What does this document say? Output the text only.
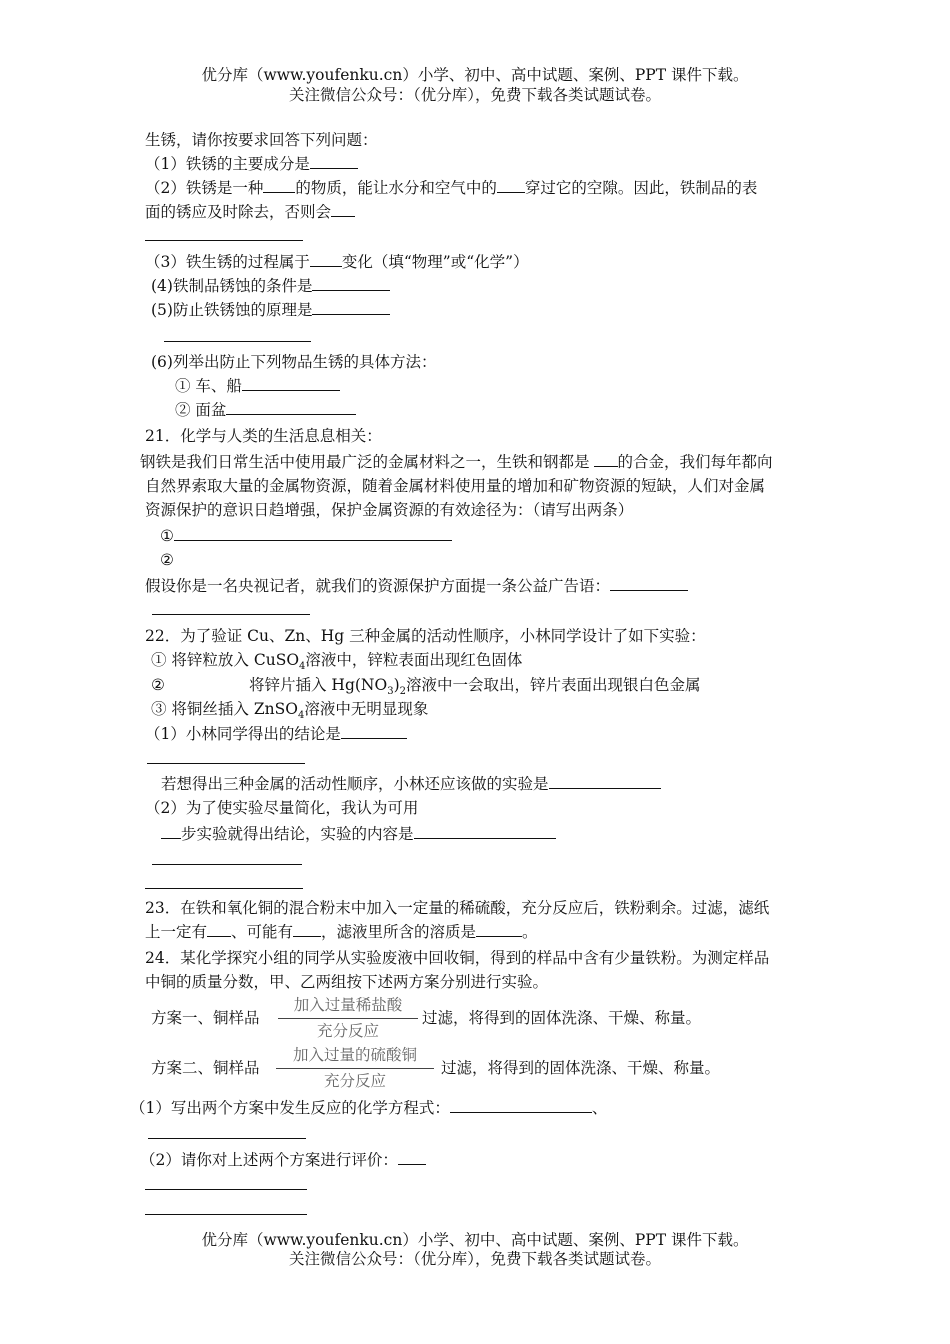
优分库（www.youfenku.cn）小学、初中、高中试题、案例、PPT 课件下载。
关注微信公众号：（优分库），免费下载各类试题试卷。
生锈，请你按要求回答下列问题：
（1）铁锈的主要成分是
（2）铁锈是一种 的物质，能让水分和空气中的 穿过它的空隙。因此，铁制品的表
面的锈应及时除去，否则会
（3）铁生锈的过程属于 变化（填“物理”或“化学”）
(4)铁制品锈蚀的条件是
(5)防止铁锈蚀的原理是
(6)列举出防止下列物品生锈的具体方法：
① 车、船
② 面盆
21．化学与人类的生活息息相关：
钢铁是我们日常生活中使用最广泛的金属材料之一，生铁和钢都是 的合金，我们每年都向
自然界索取大量的金属物资源，随着金属材料使用量的增加和矿物资源的短缺，人们对金属
资源保护的意识日趋增强，保护金属资源的有效途径为：（请写出两条）
①
②
假设你是一名央视记者，就我们的资源保护方面提一条公益广告语：
22．为了验证 Cu、Zn、Hg 三种金属的活动性顺序，小林同学设计了如下实验：
① 将锌粒放入 CuSO$_4$溶液中，锌粒表面出现红色固体
②	将锌片插入 $Hg(NO_3)_2$溶液中一会取出，锌片表面出现银白色金属
③ 将铜丝插入 ZnSO$_4$溶液中无明显现象
（1）小林同学得出的结论是
若想得出三种金属的活动性顺序，小林还应该做的实验是
（2）为了使实验尽量简化，我认为可用
步实验就得出结论，实验的内容是
23．在铁和氧化铜的混合粉末中加入一定量的稀硫酸，充分反应后，铁粉剩余。过滤，滤纸
上一定有 、可能有 ，滤液里所含的溶质是	。
24．某化学探究小组的同学从实验废液中回收铜，得到的样品中含有少量铁粉。为测定样品
中铜的质量分数，甲、乙两组按下述两方案分别进行实验。
方案一、铜样品
加入过量稀盐酸
充分反应
过滤，将得到的固体洗涤、干燥、称量。
方案二、铜样品
加入过量的硫酸铜
充分反应
过滤，将得到的固体洗涤、干燥、称量。
（1）写出两个方案中发生反应的化学方程式：	、
（2）请你对上述两个方案进行评价：
优分库（www.youfenku.cn）小学、初中、高中试题、案例、PPT 课件下载。
关注微信公众号：（优分库），免费下载各类试题试卷。
